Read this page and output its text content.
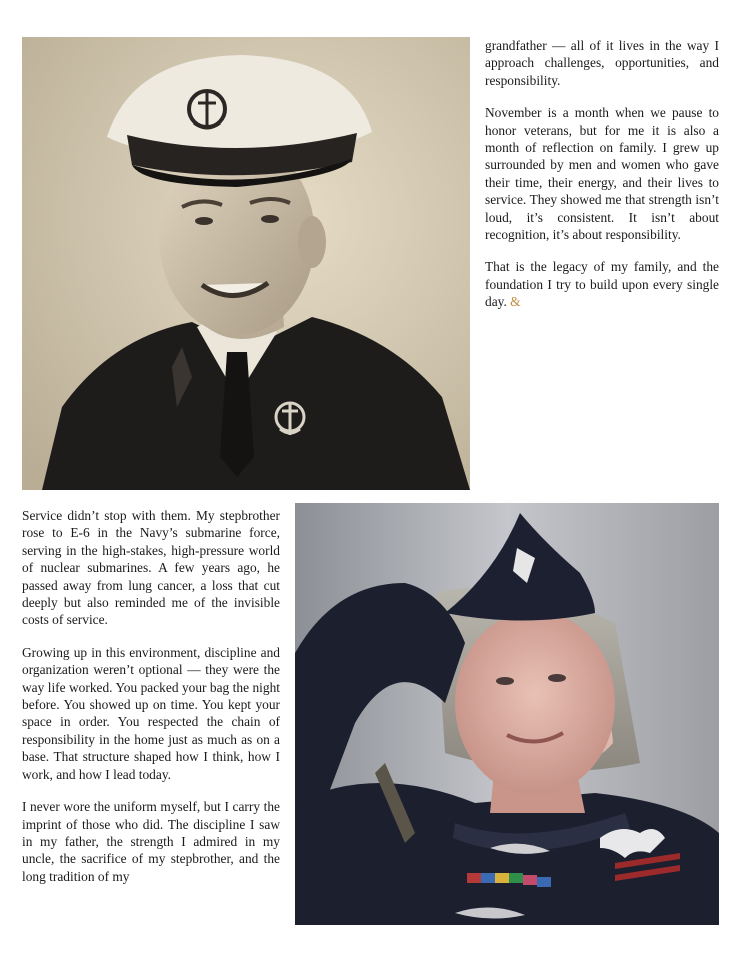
grandfather — all of it lives in the way I approach challenges, opportunities, and responsibility.

November is a month when we pause to honor veterans, but for me it is also a month of reflection on family. I grew up surrounded by men and women who gave their time, their energy, and their lives to service. They showed me that strength isn’t loud, it’s consistent. It isn’t about recognition, it’s about responsibility.

That is the legacy of my family, and the foundation I try to build upon every single day. &

Service didn’t stop with them. My stepbrother rose to E-6 in the Navy’s submarine force, serving in the high-stakes, high-pressure world of nuclear submarines. A few years ago, he passed away from lung cancer, a loss that cut deeply but also reminded me of the invisible costs of service.

Growing up in this environment, discipline and organization weren’t optional — they were the way life worked. You packed your bag the night before. You showed up on time. You kept your space in order. You respected the chain of responsibility in the home just as much as on a base. That structure shaped how I think, how I work, and how I lead today.

I never wore the uniform myself, but I carry the imprint of those who did. The discipline I saw in my father, the strength I admired in my uncle, the sacrifice of my stepbrother, and the long tradition of my
